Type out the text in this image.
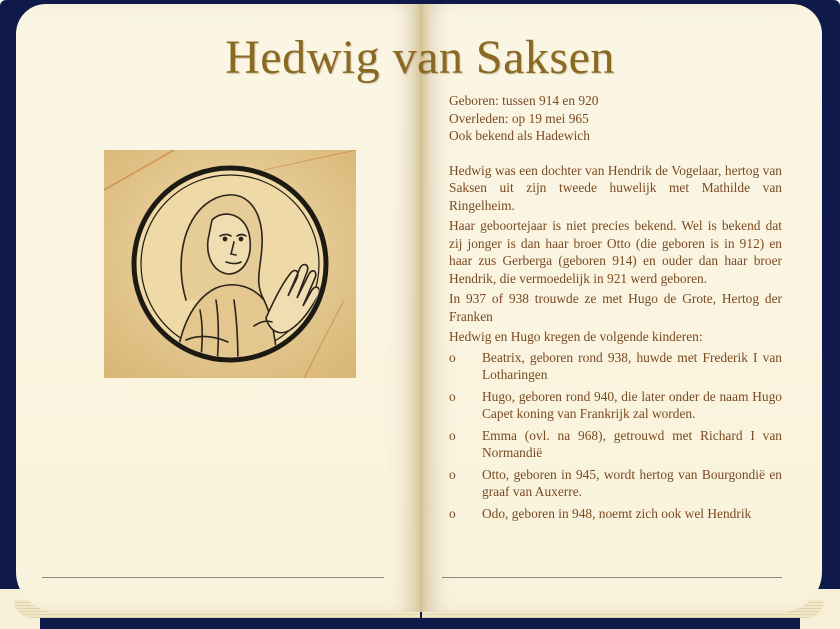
Hedwig van Saksen
Geboren: tussen 914 en 920
Overleden: op 19 mei 965
Ook bekend als Hadewich

Hedwig was een dochter van Hendrik de Vogelaar, hertog van Saksen uit zijn tweede huwelijk met Mathilde van Ringelheim.

Haar geboortejaar is niet precies bekend. Wel is bekend dat zij jonger is dan haar broer Otto (die geboren is in 912) en haar zus Gerberga (geboren 914) en ouder dan haar broer Hendrik, die vermoedelijk in 921 werd geboren.

In 937 of 938 trouwde ze met Hugo de Grote, Hertog der Franken

Hedwig en Hugo kregen de volgende kinderen:

o Beatrix, geboren rond 938, huwde met Frederik I van Lotharingen
o Hugo, geboren rond 940, die later onder de naam Hugo Capet koning van Frankrijk zal worden.
o Emma (ovl. na 968), getrouwd met Richard I van Normandië
o Otto, geboren in 945, wordt hertog van Bourgondië en graaf van Auxerre.
o Odo, geboren in 948, noemt zich ook wel Hendrik
